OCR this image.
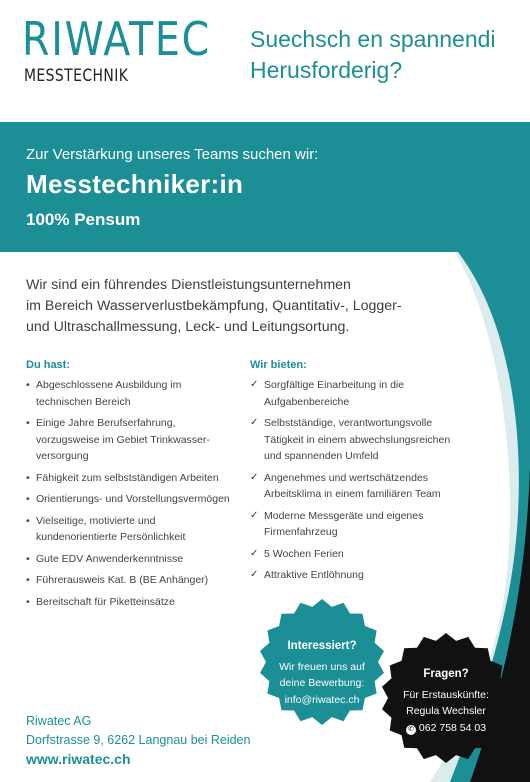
RIWATEC
MESSTECHNIK
Suechsch en spannendi
Herusforderig?
Zur Verstärkung unseres Teams suchen wir:
Messtechniker:in
100% Pensum
Wir sind ein führendes Dienstleistungsunternehmen
im Bereich Wasserverlustbekämpfung, Quantitativ-, Logger-
und Ultraschallmessung, Leck- und Leitungsortung.
Du hast:
• Abgeschlossene Ausbildung im technischen Bereich
• Einige Jahre Berufserfahrung, vorzugsweise im Gebiet Trinkwasser-versorgung
• Fähigkeit zum selbstständigen Arbeiten
• Orientierungs- und Vorstellungsvermögen
• Vielseitige, motivierte und kundenorientierte Persönlichkeit
• Gute EDV Anwenderkenntnisse
• Führerausweis Kat. B (BE Anhänger)
• Bereitschaft für Piketteinsätze
Wir bieten:
✓ Sorgfältige Einarbeitung in die Aufgabenbereiche
✓ Selbstständige, verantwortungsvolle Tätigkeit in einem abwechslungsreichen und spannenden Umfeld
✓ Angenehmes und wertschätzendes Arbeitsklima in einem familiären Team
✓ Moderne Messgeräte und eigenes Firmenfahrzeug
✓ 5 Wochen Ferien
✓ Attraktive Entlöhnung
Interessiert?
Wir freuen uns auf
deine Bewerbung:
info@riwatec.ch
Fragen?
Für Erstauskünfte:
Regula Wechsler
✆ 062 758 54 03
Riwatec AG
Dorfstrasse 9, 6262 Langnau bei Reiden
www.riwatec.ch
